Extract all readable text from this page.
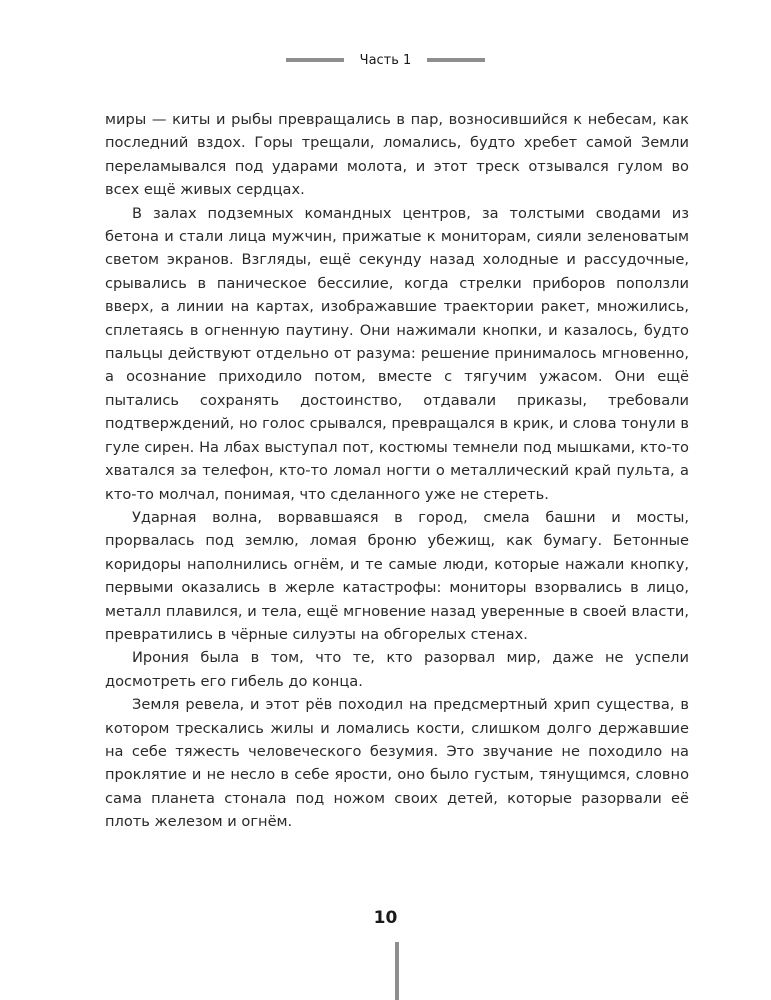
Часть 1

миры — киты и рыбы превращались в пар, возносившийся к небесам, как последний вздох. Горы трещали, ломались, будто хребет самой Земли переламывался под ударами молота, и этот треск отзывался гулом во всех ещё живых сердцах.

В залах подземных командных центров, за толстыми сводами из бетона и стали лица мужчин, прижатые к мониторам, сияли зеленоватым светом экранов. Взгляды, ещё секунду назад холодные и рассудочные, срывались в паническое бессилие, когда стрелки приборов поползли вверх, а линии на картах, изображавшие траектории ракет, множились, сплетаясь в огненную паутину. Они нажимали кнопки, и казалось, будто пальцы действуют отдельно от разума: решение принималось мгновенно, а осознание приходило потом, вместе с тягучим ужасом. Они ещё пытались сохранять достоинство, отдавали приказы, требовали подтверждений, но голос срывался, превращался в крик, и слова тонули в гуле сирен. На лбах выступал пот, костюмы темнели под мышками, кто-то хватался за телефон, кто-то ломал ногти о металлический край пульта, а кто-то молчал, понимая, что сделанного уже не стереть.

Ударная волна, ворвавшаяся в город, смела башни и мосты, прорвалась под землю, ломая броню убежищ, как бумагу. Бетонные коридоры наполнились огнём, и те самые люди, которые нажали кнопку, первыми оказались в жерле катастрофы: мониторы взорвались в лицо, металл плавился, и тела, ещё мгновение назад уверенные в своей власти, превратились в чёрные силуэты на обгорелых стенах.

Ирония была в том, что те, кто разорвал мир, даже не успели досмотреть его гибель до конца.

Земля ревела, и этот рёв походил на предсмертный хрип существа, в котором трескались жилы и ломались кости, слишком долго державшие на себе тяжесть человеческого безумия. Это звучание не походило на проклятие и не несло в себе ярости, оно было густым, тянущимся, словно сама планета стонала под ножом своих детей, которые разорвали её плоть железом и огнём.

10
